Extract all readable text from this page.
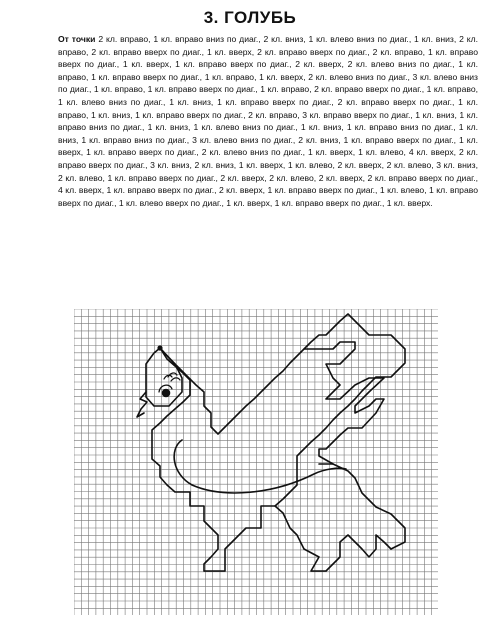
3. ГОЛУБЬ
От точки 2 кл. вправо, 1 кл. вправо вниз по диаг., 2 кл. вниз, 1 кл. влево вниз по диаг., 1 кл. вниз, 2 кл. вправо, 2 кл. вправо вверх по диаг., 1 кл. вверх, 2 кл. вправо вверх по диаг., 2 кл. вправо, 1 кл. вправо вверх по диаг., 1 кл. вверх, 1 кл. вправо вверх по диаг., 2 кл. вверх, 2 кл. влево вниз по диаг., 1 кл. вправо, 1 кл. вправо вверх по диаг., 1 кл. вправо, 1 кл. вверх, 2 кл. влево вниз по диаг., 3 кл. влево вниз по диаг., 1 кл. вправо, 1 кл. вправо вверх по диаг., 1 кл. вправо, 2 кл. вправо вверх по диаг., 1 кл. вправо, 1 кл. влево вниз по диаг., 1 кл. вниз, 1 кл. вправо вверх по диаг., 2 кл. вправо вверх по диаг., 1 кл. вправо, 1 кл. вниз, 1 кл. вправо вверх по диаг., 2 кл. вправо, 3 кл. вправо вверх по диаг., 1 кл. вниз, 1 кл. вправо вниз по диаг., 1 кл. вниз, 1 кл. влево вниз по диаг., 1 кл. вниз, 1 кл. вправо вниз по диаг., 1 кл. вниз, 1 кл. вправо вниз по диаг., 3 кл. влево вниз по диаг., 2 кл. вниз, 1 кл. вправо вверх по диаг., 1 кл. вверх, 1 кл. вправо вверх по диаг., 2 кл. влево вниз по диаг., 1 кл. вверх, 1 кл. влево, 4 кл. вверх, 2 кл. вправо вверх по диаг., 3 кл. вниз, 2 кл. вниз, 1 кл. вверх, 1 кл. влево, 2 кл. вверх, 2 кл. влево, 3 кл. вниз, 2 кл. влево, 1 кл. вправо вверх по диаг., 2 кл. вверх, 2 кл. влево, 2 кл. вверх, 2 кл. вправо вверх по диаг., 4 кл. вверх, 1 кл. вправо вверх по диаг., 2 кл. вверх, 1 кл. вправо вверх по диаг., 1 кл. влево, 1 кл. вправо вверх по диаг., 1 кл. влево вверх по диаг., 1 кл. вверх, 1 кл. вправо вверх по диаг., 1 кл. вверх.
